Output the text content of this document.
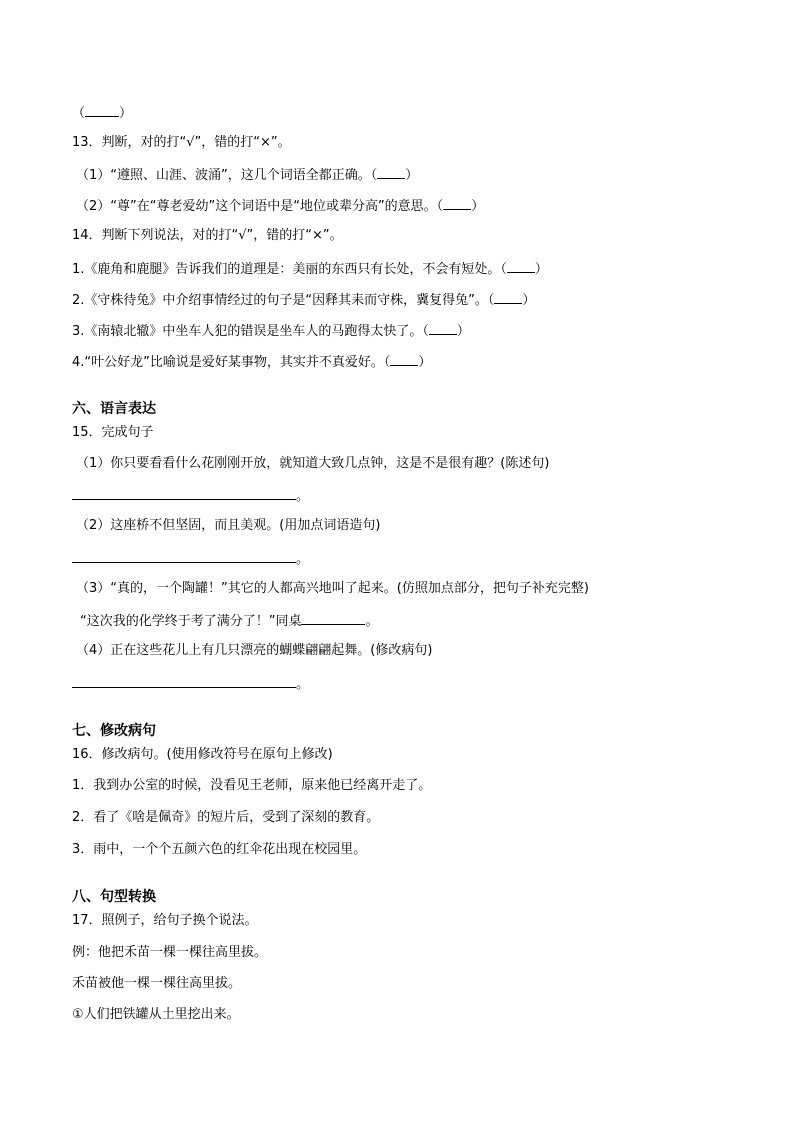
（	）
13．判断，对的打“√”，错的打“×”。
（1）“遵照、山涯、波涌”，这几个词语全都正确。（ ）
（2）“尊”在“尊老爱幼”这个词语中是“地位或辈分高”的意思。（ ）
14．判断下列说法，对的打“√”，错的打“×”。
1.《鹿角和鹿腿》告诉我们的道理是：美丽的东西只有长处，不会有短处。（ ）
2.《守株待兔》中介绍事情经过的句子是“因释其耒而守株，冀复得兔”。（ ）
3.《南辕北辙》中坐车人犯的错误是坐车人的马跑得太快了。（ ）
4.“叶公好龙”比喻说是爱好某事物，其实并不真爱好。（ ）
六、语言表达
15．完成句子
（1）你只要看看什么花刚刚开放，就知道大致几点钟，这是不是很有趣？(陈述句)
。
（2）这座桥不但坚固，而且美观。(用加点词语造句)
。
（3）“真的，一个陶罐！”其它的人都高兴地叫了起来。(仿照加点部分，把句子补充完整)
“这次我的化学终于考了满分了！”同桌	。
（4）正在这些花儿上有几只漂亮的蝴蝶翩翩起舞。(修改病句)
。
七、修改病句
16．修改病句。(使用修改符号在原句上修改)
1．我到办公室的时候，没看见王老师，原来他已经离开走了。
2．看了《啥是佩奇》的短片后，受到了深刻的教育。
3．雨中，一个个五颜六色的红伞花出现在校园里。
八、句型转换
17．照例子，给句子换个说法。
例：他把禾苗一棵一棵往高里拔。
禾苗被他一棵一棵往高里拔。
①人们把铁罐从土里挖出来。
